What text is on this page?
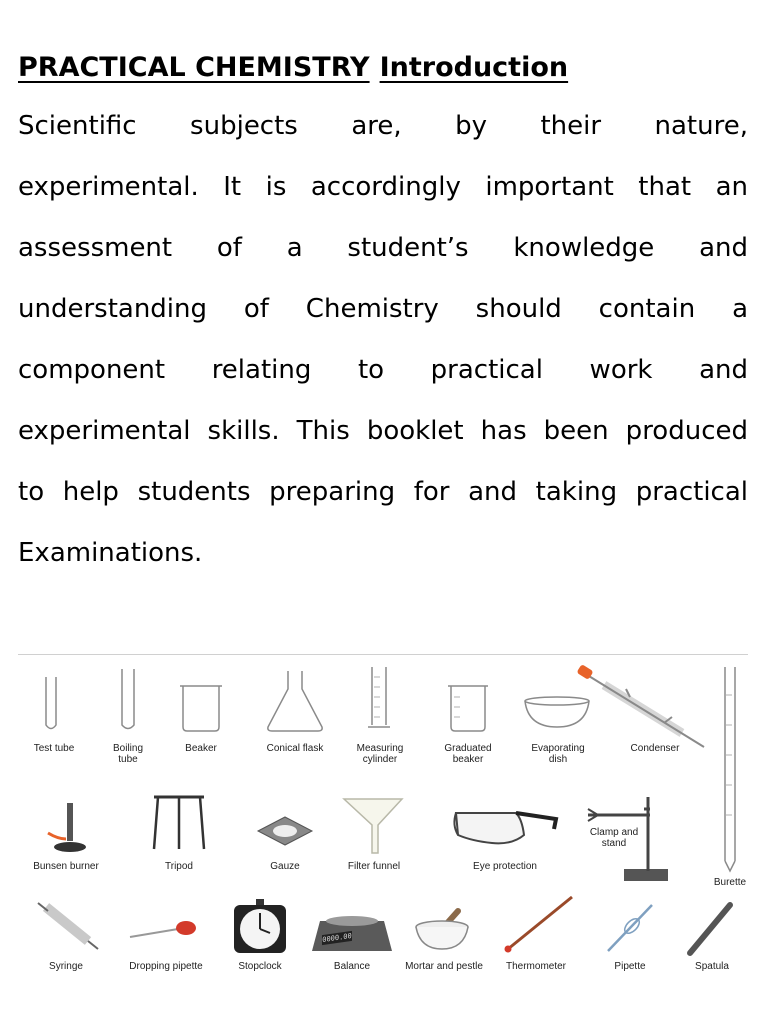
PRACTICAL CHEMISTRY Introduction
Scientific subjects are, by their nature,
experimental. It is accordingly important that an
assessment of a student’s knowledge and
understanding of Chemistry should contain a
component relating to practical work and
experimental skills. This booklet has been produced
to help students preparing for and taking practical
Examinations.
Test tube	Boiling
tube
Beaker	Conical flask	Measuring
cylinder
Graduated
beaker
Evaporating
dish
Condenser
Burette
Bunsen burner	Tripod	Gauze	Filter funnel	Eye protection
Clamp and
stand
Syringe	Dropping pipette	Stopclock
0000.00
Balance	Mortar and pestle	Thermometer	Pipette	Spatula
